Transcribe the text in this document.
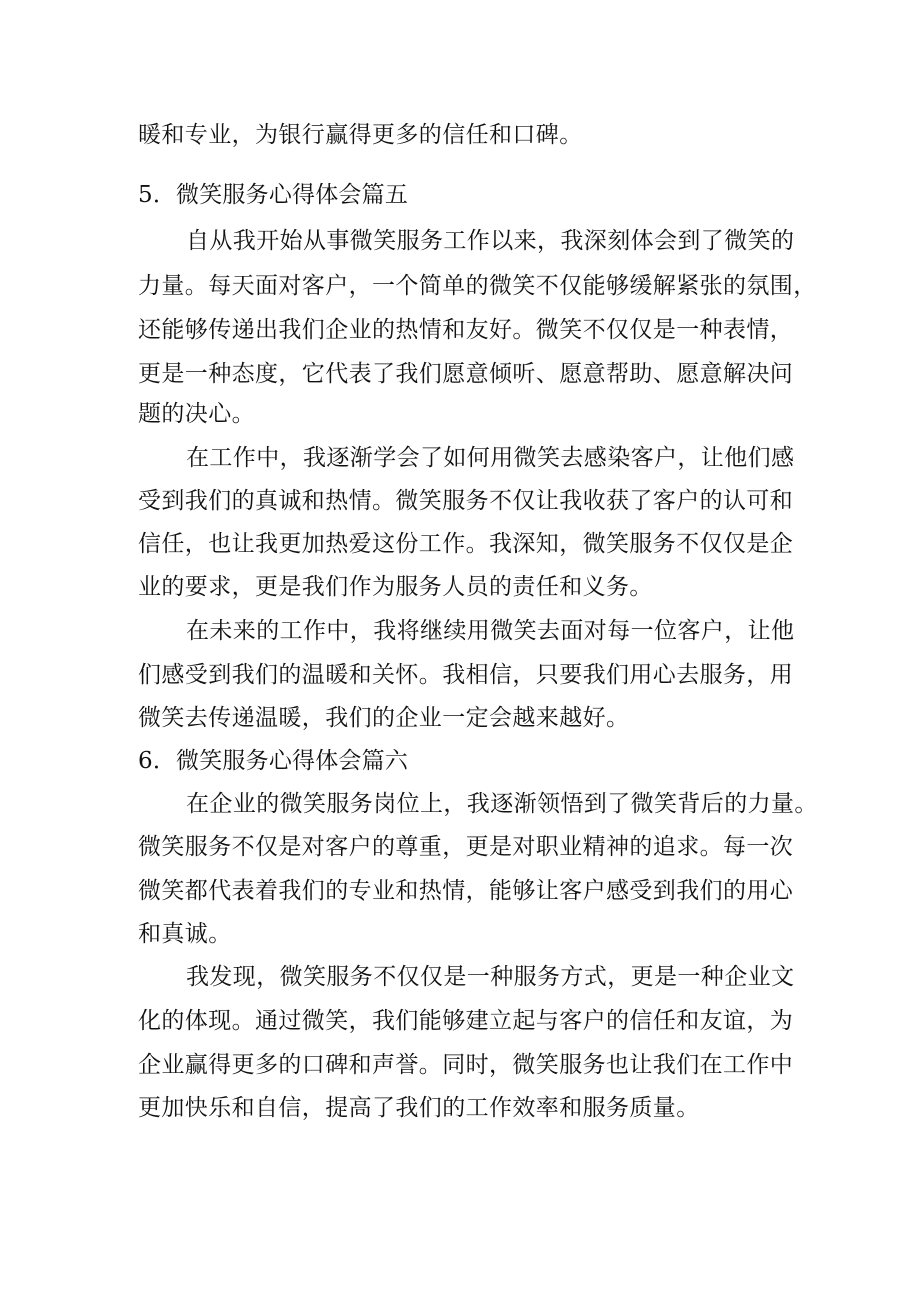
暖和专业，为银行赢得更多的信任和口碑。

5．微笑服务心得体会篇五

自从我开始从事微笑服务工作以来，我深刻体会到了微笑的

力量。每天面对客户，一个简单的微笑不仅能够缓解紧张的氛围，

还能够传递出我们企业的热情和友好。微笑不仅仅是一种表情，

更是一种态度，它代表了我们愿意倾听、愿意帮助、愿意解决问

题的决心。

在工作中，我逐渐学会了如何用微笑去感染客户，让他们感

受到我们的真诚和热情。微笑服务不仅让我收获了客户的认可和

信任，也让我更加热爱这份工作。我深知，微笑服务不仅仅是企

业的要求，更是我们作为服务人员的责任和义务。

在未来的工作中，我将继续用微笑去面对每一位客户，让他

们感受到我们的温暖和关怀。我相信，只要我们用心去服务，用

微笑去传递温暖，我们的企业一定会越来越好。

6．微笑服务心得体会篇六

在企业的微笑服务岗位上，我逐渐领悟到了微笑背后的力量。

微笑服务不仅是对客户的尊重，更是对职业精神的追求。每一次

微笑都代表着我们的专业和热情，能够让客户感受到我们的用心

和真诚。

我发现，微笑服务不仅仅是一种服务方式，更是一种企业文

化的体现。通过微笑，我们能够建立起与客户的信任和友谊，为

企业赢得更多的口碑和声誉。同时，微笑服务也让我们在工作中

更加快乐和自信，提高了我们的工作效率和服务质量。
